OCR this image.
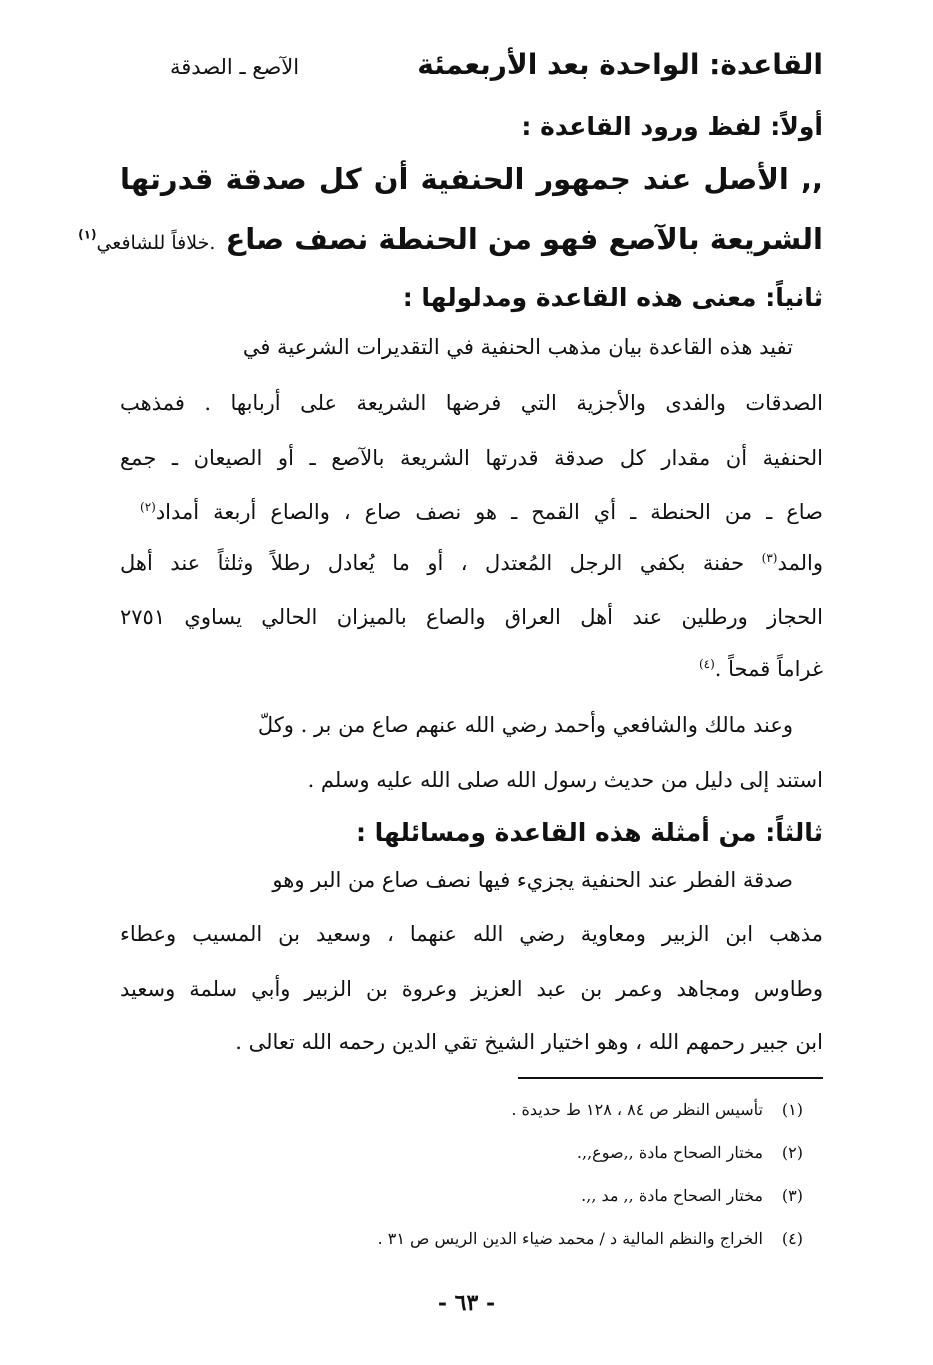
القاعدة: الواحدة بعد الأربعمئة
الآصع ـ الصدقة
أولاً: لفظ ورود القاعدة :
,, الأصل عند جمهور الحنفية أن كل صدقة قدرتها
الشريعة بالآصع فهو من الحنطة نصف صاع .خلافاً للشافعي$^{(١)}$
ثانياً: معنى هذه القاعدة ومدلولها :
تفيد هذه القاعدة بيان مذهب الحنفية في التقديرات الشرعية في
الصدقات والفدى والأجزية التي فرضها الشريعة على أربابها . فمذهب
الحنفية أن مقدار كل صدقة قدرتها الشريعة بالآصع ـ أو الصيعان ـ جمع
صاع ـ من الحنطة ـ أي القمح ـ هو نصف صاع ، والصاع أربعة أمداد$^{(٢)}$
والمد$^{(٣)}$ حفنة بكفي الرجل المُعتدل ، أو ما يُعادل رطلاً وثلثاً عند أهل
الحجاز ورطلين عند أهل العراق والصاع بالميزان الحالي يساوي ٢٧٥١
غراماً قمحاً .$^{(٤)}$
وعند مالك والشافعي وأحمد رضي الله عنهم صاع من بر . وكلّ
استند إلى دليل من حديث رسول الله صلى الله عليه وسلم .
ثالثاً: من أمثلة هذه القاعدة ومسائلها :
صدقة الفطر عند الحنفية يجزيء فيها نصف صاع من البر وهو
مذهب ابن الزبير ومعاوية رضي الله عنهما ، وسعيد بن المسيب وعطاء
وطاوس ومجاهد وعمر بن عبد العزيز وعروة بن الزبير وأبي سلمة وسعيد
ابن جبير رحمهم الله ، وهو اختيار الشيخ تقي الدين رحمه الله تعالى .
(١)تأسيس النظر ص ٨٤ ، ١٢٨ ط حديدة .
(٢)مختار الصحاح مادة ,,صوع,,.
(٣)مختار الصحاح مادة ,, مد ,,.
(٤)الخراج والنظم المالية د / محمد ضياء الدين الريس ص ٣١ .
- ٦٣ -
